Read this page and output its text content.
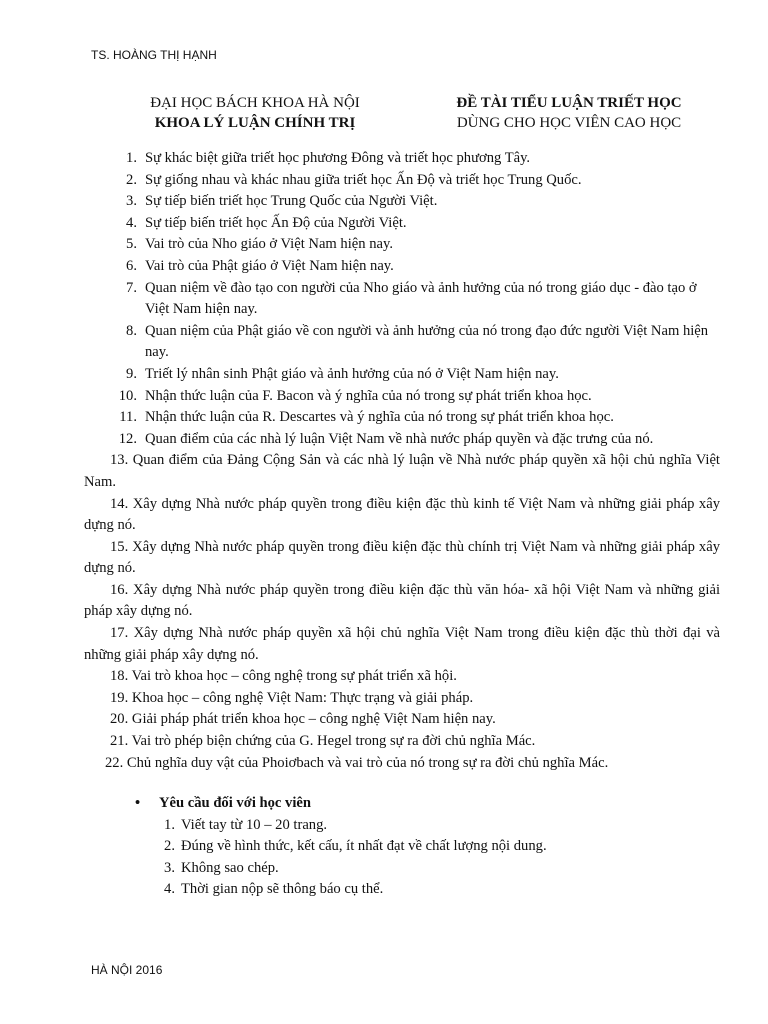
TS. HOÀNG THỊ HẠNH
ĐẠI HỌC BÁCH KHOA HÀ NỘI
KHOA LÝ LUẬN CHÍNH TRỊ
ĐỀ TÀI TIỂU LUẬN TRIẾT HỌC
DÙNG CHO HỌC VIÊN CAO HỌC
1. Sự khác biệt giữa triết học phương Đông và triết học phương Tây.
2. Sự giống nhau và khác nhau giữa triết học Ấn Độ và triết học Trung Quốc.
3. Sự tiếp biến triết học Trung Quốc của Người Việt.
4. Sự tiếp biến triết học Ấn Độ của Người Việt.
5. Vai trò của Nho giáo ở Việt Nam hiện nay.
6. Vai trò của Phật giáo ở Việt Nam hiện nay.
7. Quan niệm về đào tạo con người của Nho giáo và ảnh hưởng của nó trong giáo dục - đào tạo ở Việt Nam hiện nay.
8. Quan niệm của Phật giáo về con người và ảnh hưởng của nó trong đạo đức người Việt Nam hiện nay.
9. Triết lý nhân sinh Phật giáo và ảnh hưởng của nó ở Việt Nam hiện nay.
10. Nhận thức luận của F. Bacon và ý nghĩa của nó trong sự phát triển khoa học.
11. Nhận thức luận của R. Descartes và ý nghĩa của nó trong sự phát triển khoa học.
12. Quan điểm của các nhà lý luận Việt Nam về nhà nước pháp quyền và đặc trưng của nó.
13. Quan điểm của Đảng Cộng Sản và các nhà lý luận về Nhà nước pháp quyền xã hội chủ nghĩa Việt Nam.
14. Xây dựng Nhà nước pháp quyền trong điều kiện đặc thù kinh tế Việt Nam và những giải pháp xây dựng nó.
15. Xây dựng Nhà nước pháp quyền trong điều kiện đặc thù chính trị Việt Nam và những giải pháp xây dựng nó.
16. Xây dựng Nhà nước pháp quyền trong điều kiện đặc thù văn hóa- xã hội Việt Nam và những giải pháp xây dựng nó.
17. Xây dựng Nhà nước pháp quyền xã hội chủ nghĩa Việt Nam trong điều kiện đặc thù thời đại và những giải pháp xây dựng nó.
18. Vai trò khoa học – công nghệ trong sự phát triển xã hội.
19. Khoa học – công nghệ Việt Nam: Thực trạng và giải pháp.
20. Giải pháp phát triển khoa học – công nghệ Việt Nam hiện nay.
21. Vai trò phép biện chứng của G. Hegel trong sự ra đời chủ nghĩa Mác.
22. Chủ nghĩa duy vật của Phoiơbach và vai trò của nó trong sự ra đời chủ nghĩa Mác.
• Yêu cầu đối với học viên
1. Viết tay từ 10 – 20 trang.
2. Đúng về hình thức, kết cấu, ít nhất đạt về chất lượng nội dung.
3. Không sao chép.
4. Thời gian nộp sẽ thông báo cụ thể.
HÀ NỘI 2016
